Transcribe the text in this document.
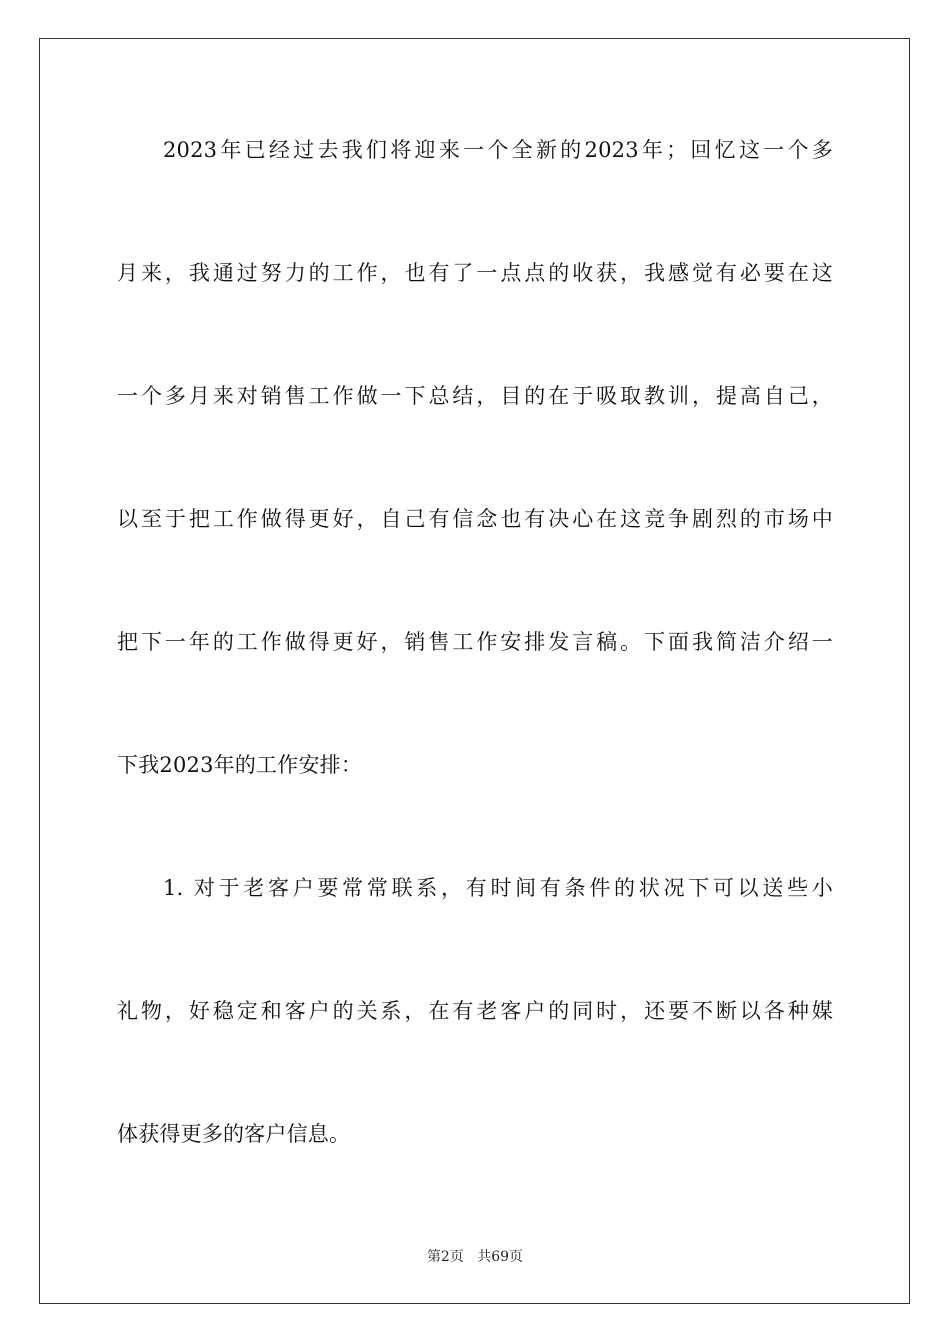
2023年已经过去我们将迎来一个全新的2023年；回忆这一个多
月来，我通过努力的工作，也有了一点点的收获，我感觉有必要在这
一个多月来对销售工作做一下总结，目的在于吸取教训，提高自己，
以至于把工作做得更好，自己有信念也有决心在这竞争剧烈的市场中
把下一年的工作做得更好，销售工作安排发言稿。下面我简洁介绍一
下我2023年的工作安排：
1. 对于老客户要常常联系，有时间有条件的状况下可以送些小
礼物，好稳定和客户的关系，在有老客户的同时，还要不断以各种媒
体获得更多的客户信息。
第2页 共69页
